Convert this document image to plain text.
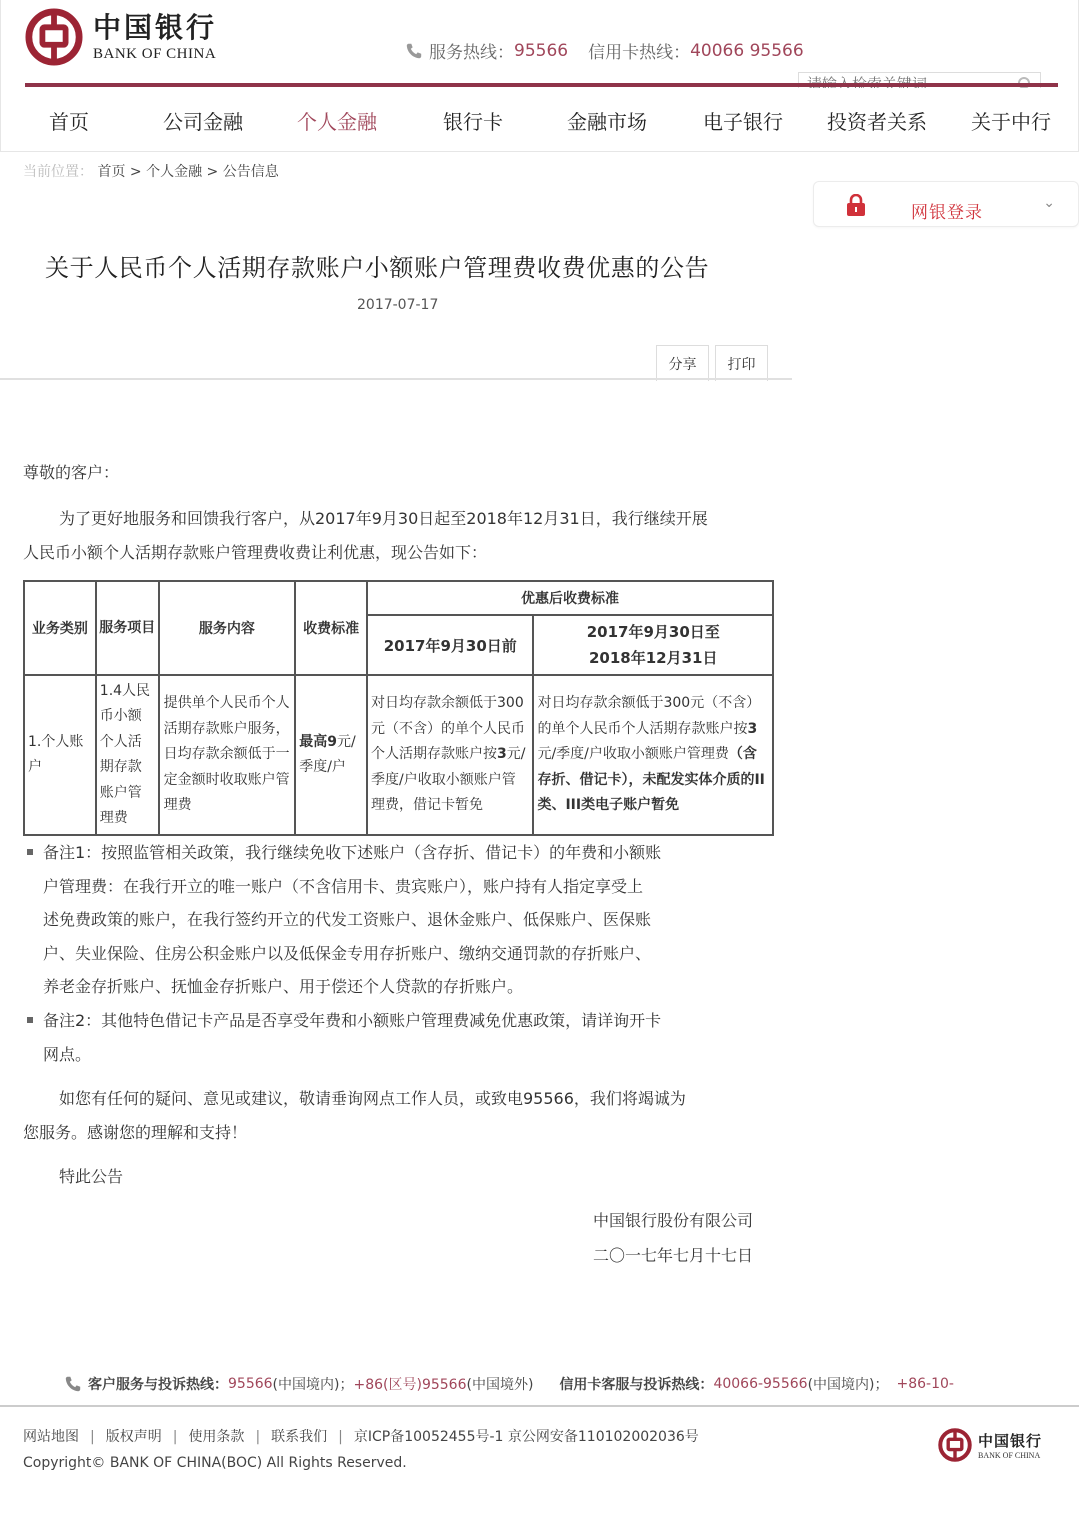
中国银行
BANK OF CHINA	服务热线： 95566 信用卡热线： 40066 95566
请输入检索关键词
首页	公司金融	个人金融	银行卡	金融市场	电子银行 投资者关系 关于中行
当前位置： 首页 > 个人金融 > 公告信息
网银登录	⌄
关于人民币个人活期存款账户小额账户管理费收费优惠的公告
2017-07-17
分享	打印
尊敬的客户：
为了更好地服务和回馈我行客户，从2017年9月30日起至2018年12月31日，我行继续开展
人民币小额个人活期存款账户管理费收费让利优惠，现公告如下：
业务类别	服务项目	服务内容	收费标准	优惠后收费标准	
				2017年9月30日前	2017年9月30日至2018年12月31日
1.个人账户	1.4人民币小额个人活期存款账户管理费	提供单个人民币个人活期存款账户服务，日均存款余额低于一定金额时收取账户管理费	最高9元/季度/户	对日均存款余额低于300元（不含）的单个人民币个人活期存款账户按3元/季度/户收取小额账户管理费，借记卡暂免	对日均存款余额低于300元（不含）的单个人民币个人活期存款账户按3元/季度/户收取小额账户管理费（含存折、借记卡），未配发实体介质的II类、III类电子账户暂免
备注1：按照监管相关政策，我行继续免收下述账户（含存折、借记卡）的年费和小额账
户管理费：在我行开立的唯一账户（不含信用卡、贵宾账户），账户持有人指定享受上
述免费政策的账户，在我行签约开立的代发工资账户、退休金账户、低保账户、医保账
户、失业保险、住房公积金账户以及低保金专用存折账户、缴纳交通罚款的存折账户、
养老金存折账户、抚恤金存折账户、用于偿还个人贷款的存折账户。
备注2：其他特色借记卡产品是否享受年费和小额账户管理费减免优惠政策，请详询开卡
网点。
如您有任何的疑问、意见或建议，敬请垂询网点工作人员，或致电95566，我们将竭诚为
您服务。感谢您的理解和支持！
特此公告
中国银行股份有限公司
二〇一七年七月十七日
客户服务与投诉热线： 95566 (中国境内)； +86(区号)95566 (中国境外) 信用卡客服与投诉热线： 40066-95566 (中国境内)； +86-10-
网站地图 | 版权声明 | 使用条款 | 联系我们 | 京ICP备10052455号-1 京公网安备110102002036号
Copyright© BANK OF CHINA(BOC) All Rights Reserved.
中国银行
BANK OF CHINA
